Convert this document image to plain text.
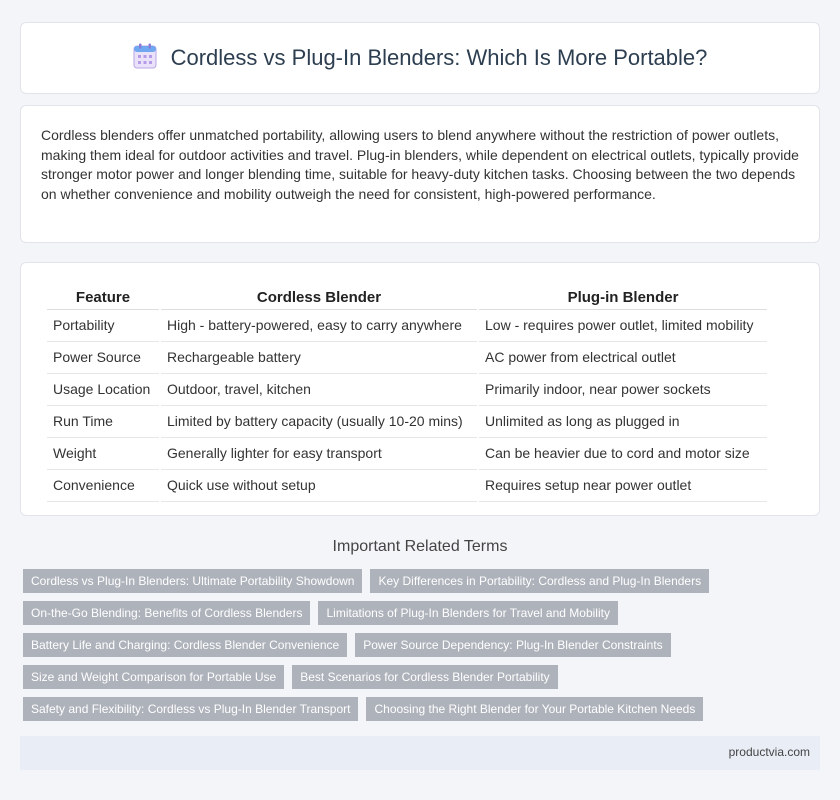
Cordless vs Plug-In Blenders: Which Is More Portable?

Cordless blenders offer unmatched portability, allowing users to blend anywhere without the restriction of power outlets, making them ideal for outdoor activities and travel. Plug-in blenders, while dependent on electrical outlets, typically provide stronger motor power and longer blending time, suitable for heavy-duty kitchen tasks. Choosing between the two depends on whether convenience and mobility outweigh the need for consistent, high-powered performance.

Feature	Cordless Blender	Plug-in Blender
Portability	High - battery-powered, easy to carry anywhere	Low - requires power outlet, limited mobility
Power Source	Rechargeable battery	AC power from electrical outlet
Usage Location	Outdoor, travel, kitchen	Primarily indoor, near power sockets
Run Time	Limited by battery capacity (usually 10-20 mins)	Unlimited as long as plugged in
Weight	Generally lighter for easy transport	Can be heavier due to cord and motor size
Convenience	Quick use without setup	Requires setup near power outlet
Important Related Terms
Cordless vs Plug-In Blenders: Ultimate Portability Showdown	Key Differences in Portability: Cordless and Plug-In Blenders
On-the-Go Blending: Benefits of Cordless Blenders	Limitations of Plug-In Blenders for Travel and Mobility
Battery Life and Charging: Cordless Blender Convenience	Power Source Dependency: Plug-In Blender Constraints
Size and Weight Comparison for Portable Use	Best Scenarios for Cordless Blender Portability
Safety and Flexibility: Cordless vs Plug-In Blender Transport	Choosing the Right Blender for Your Portable Kitchen Needs
productvia.com
